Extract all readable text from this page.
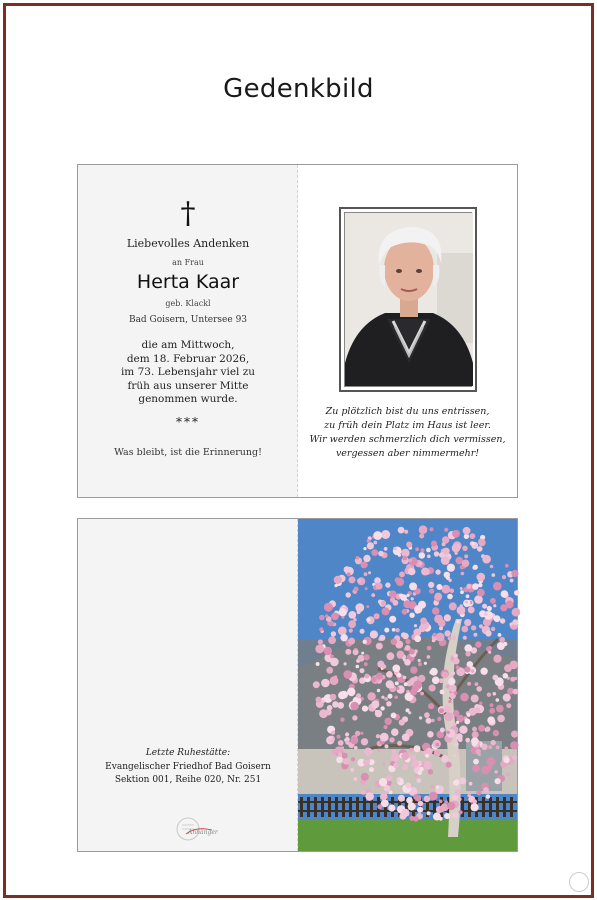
Gedenkbild
†
Liebevolles Andenken
an Frau
Herta Kaar
geb. Klackl
Bad Goisern, Untersee 93
die am Mittwoch,
dem 18. Februar 2026,
im 73. Lebensjahr viel zu
früh aus unserer Mitte
genommen wurde.
***
Was bleibt, ist die Erinnerung!
Zu plötzlich bist du uns entrissen,
zu früh dein Platz im Haus ist leer.
Wir werden schmerzlich dich vermissen,
vergessen aber nimmermehr!
Letzte Ruhestätte:
Evangelischer Friedhof Bad Goisern
Sektion 001, Reihe 020, Nr. 251
Anhänger
